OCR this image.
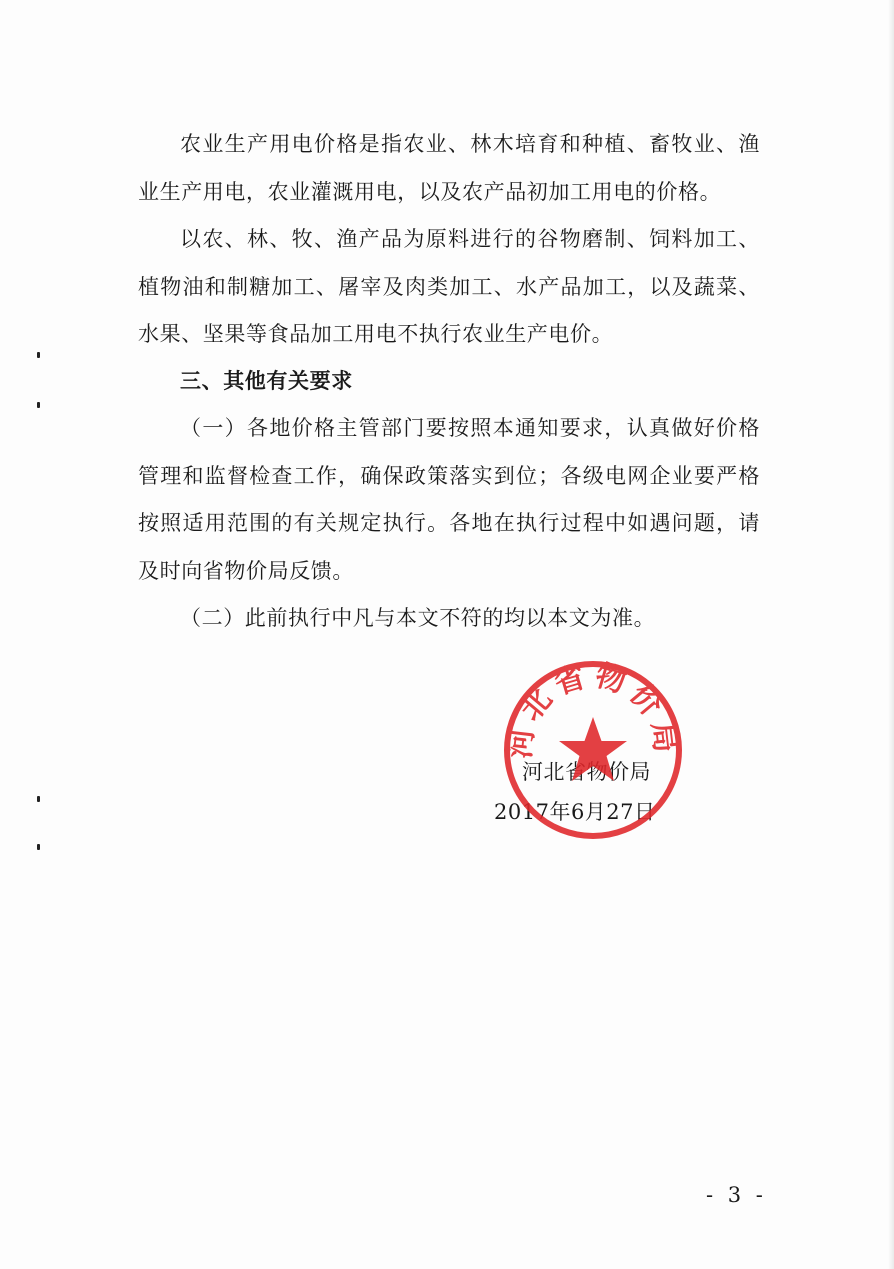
农业生产用电价格是指农业、林木培育和种植、畜牧业、渔业生产用电，农业灌溉用电，以及农产品初加工用电的价格。

以农、林、牧、渔产品为原料进行的谷物磨制、饲料加工、植物油和制糖加工、屠宰及肉类加工、水产品加工，以及蔬菜、水果、坚果等食品加工用电不执行农业生产电价。

三、其他有关要求

（一）各地价格主管部门要按照本通知要求，认真做好价格管理和监督检查工作，确保政策落实到位；各级电网企业要严格按照适用范围的有关规定执行。各地在执行过程中如遇问题，请及时向省物价局反馈。

（二）此前执行中凡与本文不符的均以本文为准。

河北省物价局
2017年6月27日
河北省物价局
- 3 -
